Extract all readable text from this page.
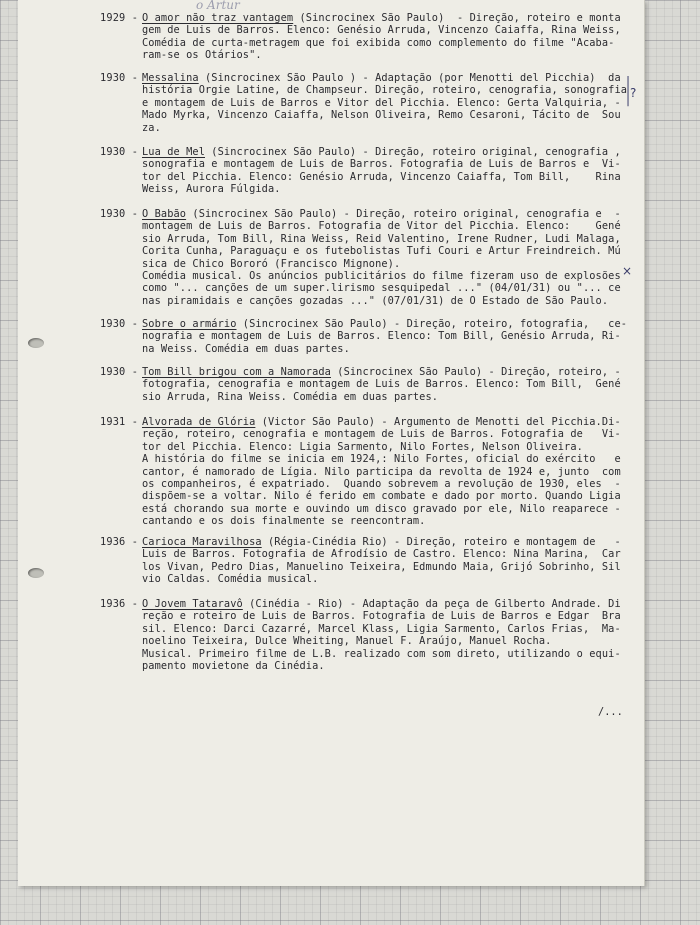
o Artur
| ?
×
1929 - O amor não traz vantagem (Sincrocinex São Paulo)  - Direção, roteiro e monta
gem de Luis de Barros. Elenco: Genésio Arruda, Vincenzo Caiaffa, Rina Weiss,
Comédia de curta-metragem que foi exibida como complemento do filme "Acaba-
ram-se os Otários".
1930 - Messalina (Sincrocinex São Paulo ) - Adaptação (por Menotti del Picchia)  da
história Orgie Latine, de Champseur. Direção, roteiro, cenografia, sonografia
e montagem de Luis de Barros e Vitor del Picchia. Elenco: Gerta Valquiria, -
Mado Myrka, Vincenzo Caiaffa, Nelson Oliveira, Remo Cesaroni, Tácito de  Sou
za.
1930 - Lua de Mel (Sincrocinex São Paulo) - Direção, roteiro original, cenografia ,
sonografia e montagem de Luis de Barros. Fotografia de Luis de Barros e  Vi-
tor del Picchia. Elenco: Genésio Arruda, Vincenzo Caiaffa, Tom Bill,    Rina
Weiss, Aurora Fúlgida.
1930 - O Babão (Sincrocinex São Paulo) - Direção, roteiro original, cenografia e  -
montagem de Luis de Barros. Fotografia de Vitor del Picchia. Elenco:    Gené
sio Arruda, Tom Bill, Rina Weiss, Reid Valentino, Irene Rudner, Ludi Malaga,
Corita Cunha, Paraguaçu e os futebolistas Tufi Couri e Artur Freindreich. Mú
sica de Chico Bororó (Francisco Mignone).
Comédia musical. Os anúncios publicitários do filme fizeram uso de explosões
como "... canções de um super.lirismo sesquipedal ..." (04/01/31) ou "... ce
nas piramidais e canções gozadas ..." (07/01/31) de O Estado de São Paulo.
1930 - Sobre o armário (Sincrocinex São Paulo) - Direção, roteiro, fotografia,   ce-
nografia e montagem de Luis de Barros. Elenco: Tom Bill, Genésio Arruda, Ri-
na Weiss. Comédia em duas partes.
1930 - Tom Bill brigou com a Namorada (Sincrocinex São Paulo) - Direção, roteiro, -
fotografia, cenografia e montagem de Luis de Barros. Elenco: Tom Bill,  Gené
sio Arruda, Rina Weiss. Comédia em duas partes.
1931 - Alvorada de Glória (Victor São Paulo) - Argumento de Menotti del Picchia.Di-
reção, roteiro, cenografia e montagem de Luis de Barros. Fotografia de   Vi-
tor del Picchia. Elenco: Ligia Sarmento, Nilo Fortes, Nelson Oliveira.
A história do filme se inicia em 1924,: Nilo Fortes, oficial do exército   e
cantor, é namorado de Lígia. Nilo participa da revolta de 1924 e, junto  com
os companheiros, é expatriado.  Quando sobrevem a revolução de 1930, eles  -
dispõem-se a voltar. Nilo é ferido em combate e dado por morto. Quando Ligia
está chorando sua morte e ouvindo um disco gravado por ele, Nilo reaparece -
cantando e os dois finalmente se reencontram.
1936 - Carioca Maravilhosa (Régia-Cinédia Rio) - Direção, roteiro e montagem de   -
Luis de Barros. Fotografia de Afrodísio de Castro. Elenco: Nina Marina,  Car
los Vivan, Pedro Dias, Manuelino Teixeira, Edmundo Maia, Grijó Sobrinho, Sil
vio Caldas. Comédia musical.
1936 - O Jovem Tataravô (Cinédia - Rio) - Adaptação da peça de Gilberto Andrade. Di
reção e roteiro de Luis de Barros. Fotografia de Luis de Barros e Edgar  Bra
sil. Elenco: Darci Cazarré, Marcel Klass, Ligia Sarmento, Carlos Frias,  Ma-
noelino Teixeira, Dulce Wheiting, Manuel F. Araújo, Manuel Rocha.
Musical. Primeiro filme de L.B. realizado com som direto, utilizando o equi-
pamento movietone da Cinédia.
/...
